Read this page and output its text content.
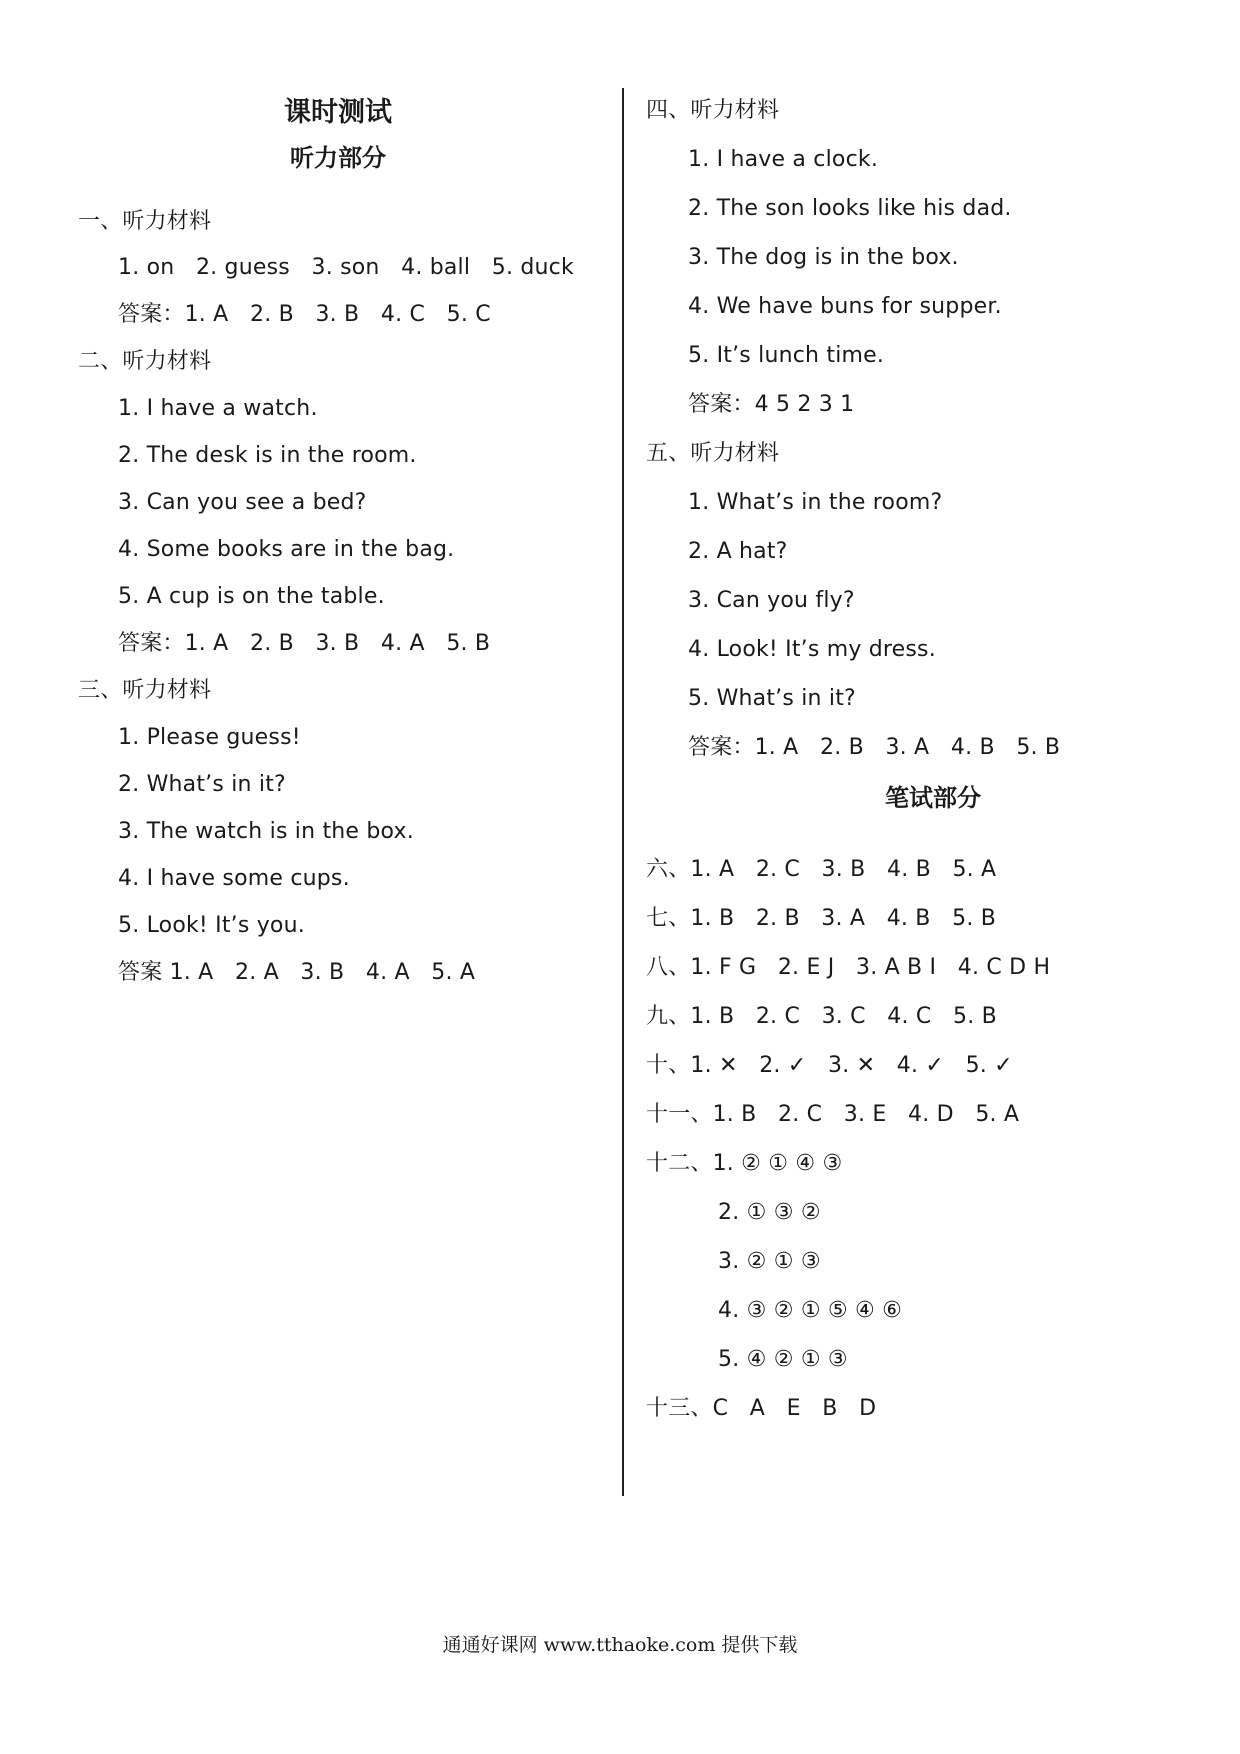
课时测试
听力部分
一、听力材料
1. on   2. guess   3. son   4. ball   5. duck
答案：1. A   2. B   3. B   4. C   5. C
二、听力材料
1. I have a watch.
2. The desk is in the room.
3. Can you see a bed?
4. Some books are in the bag.
5. A cup is on the table.
答案：1. A   2. B   3. B   4. A   5. B
三、听力材料
1. Please guess!
2. What’s in it?
3. The watch is in the box.
4. I have some cups.
5. Look! It’s you.
答案 1. A   2. A   3. B   4. A   5. A
四、听力材料
1. I have a clock.
2. The son looks like his dad.
3. The dog is in the box.
4. We have buns for supper.
5. It’s lunch time.
答案：4 5 2 3 1
五、听力材料
1. What’s in the room?
2. A hat?
3. Can you fly?
4. Look! It’s my dress.
5. What’s in it?
答案：1. A   2. B   3. A   4. B   5. B
笔试部分
六、1. A   2. C   3. B   4. B   5. A
七、1. B   2. B   3. A   4. B   5. B
八、1. F G   2. E J   3. A B I   4. C D H
九、1. B   2. C   3. C   4. C   5. B
十、1. ✕   2. ✓   3. ✕   4. ✓   5. ✓
十一、1. B   2. C   3. E   4. D   5. A
十二、1. ② ① ④ ③
2. ① ③ ②
3. ② ① ③
4. ③ ② ① ⑤ ④ ⑥
5. ④ ② ① ③
十三、C   A   E   B   D
通通好课网 www.tthaoke.com 提供下载
